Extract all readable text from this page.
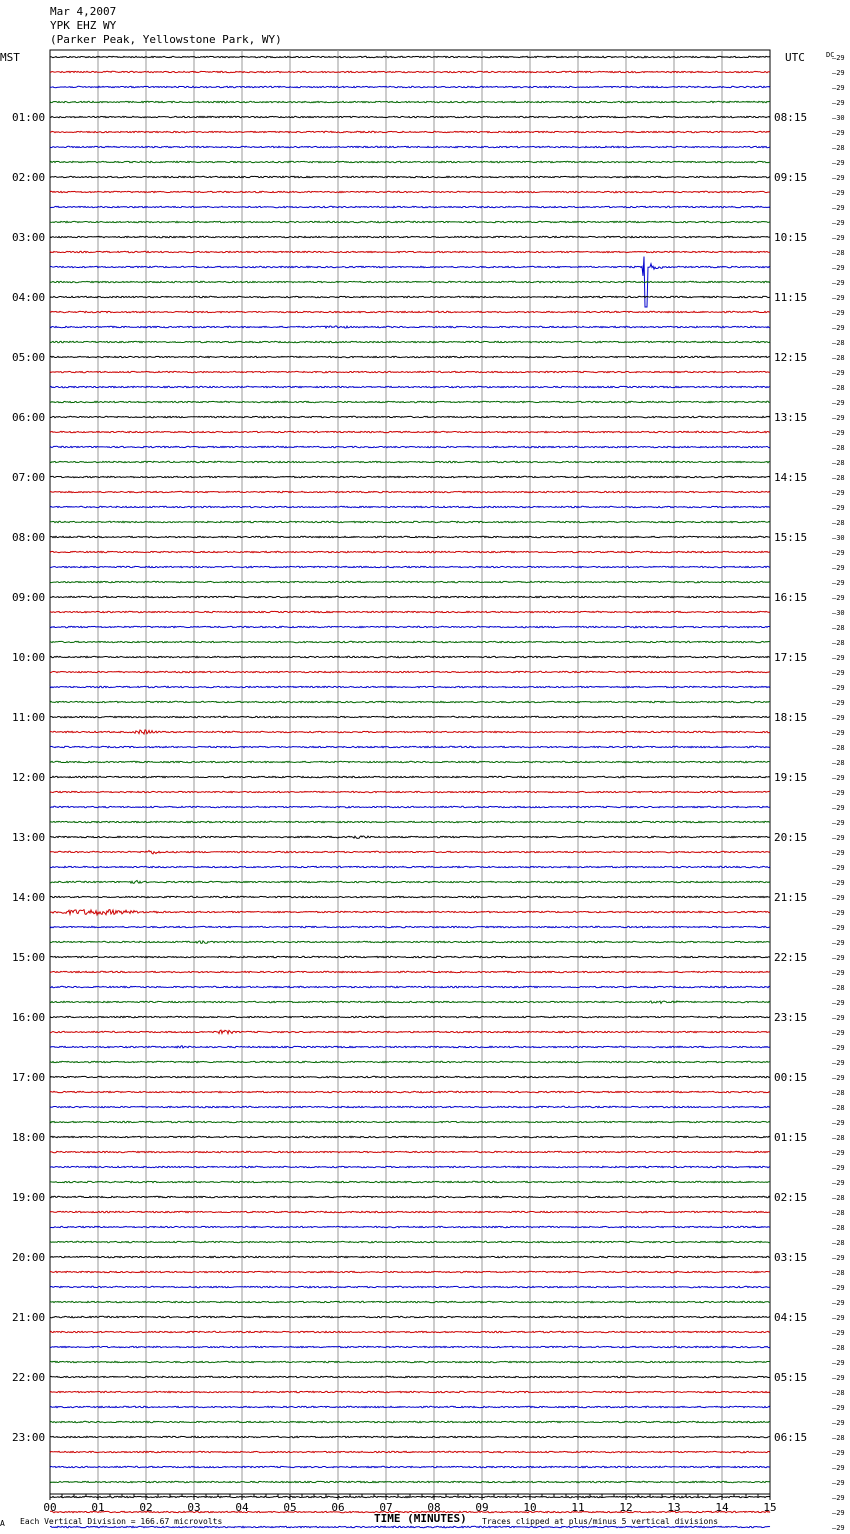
Mar 4,2007
YPK EHZ WY
(Parker Peak, Yellowstone Park, WY)
–29
–29
–29
–29
–30
–29
–28
–29
–29
–29
–29
–29
–29
–28
–29
–29
–29
–29
–29
–28
–28
–29
–28
–29
–29
–29
–28
–28
–28
–29
–29
–28
–30
–29
–29
–29
–29
–30
–28
–28
–29
–29
–29
–29
–29
–29
–28
–28
–29
–29
–29
–29
–29
–29
–29
–29
–29
–29
–29
–29
–29
–29
–28
–29
–29
–29
–29
–29
–29
–28
–28
–29
–28
–29
–29
–29
–28
–28
–28
–28
–29
–28
–29
–29
–29
–29
–28
–29
–29
–28
–29
–29
–28
–29
–29
–29
–29
–29
–29
MST	UTC	DC
01:00	08:15
02:00	09:15
03:00	10:15
04:00	11:15
05:00	12:15
06:00	13:15
07:00	14:15
08:00	15:15
09:00	16:15
10:00	17:15
11:00	18:15
12:00	19:15
13:00	20:15
14:00	21:15
15:00	22:15
16:00	23:15
17:00	00:15
18:00	01:15
19:00	02:15
20:00	03:15
21:00	04:15
22:00	05:15
23:00	06:15
00	01	02	03	04	05	06	07	08	09	10	11	12	13	14	15
TIME (MINUTES)
A Each Vertical Division = 166.67 microvolts	Traces clipped at plus/minus 5 vertical divisions
